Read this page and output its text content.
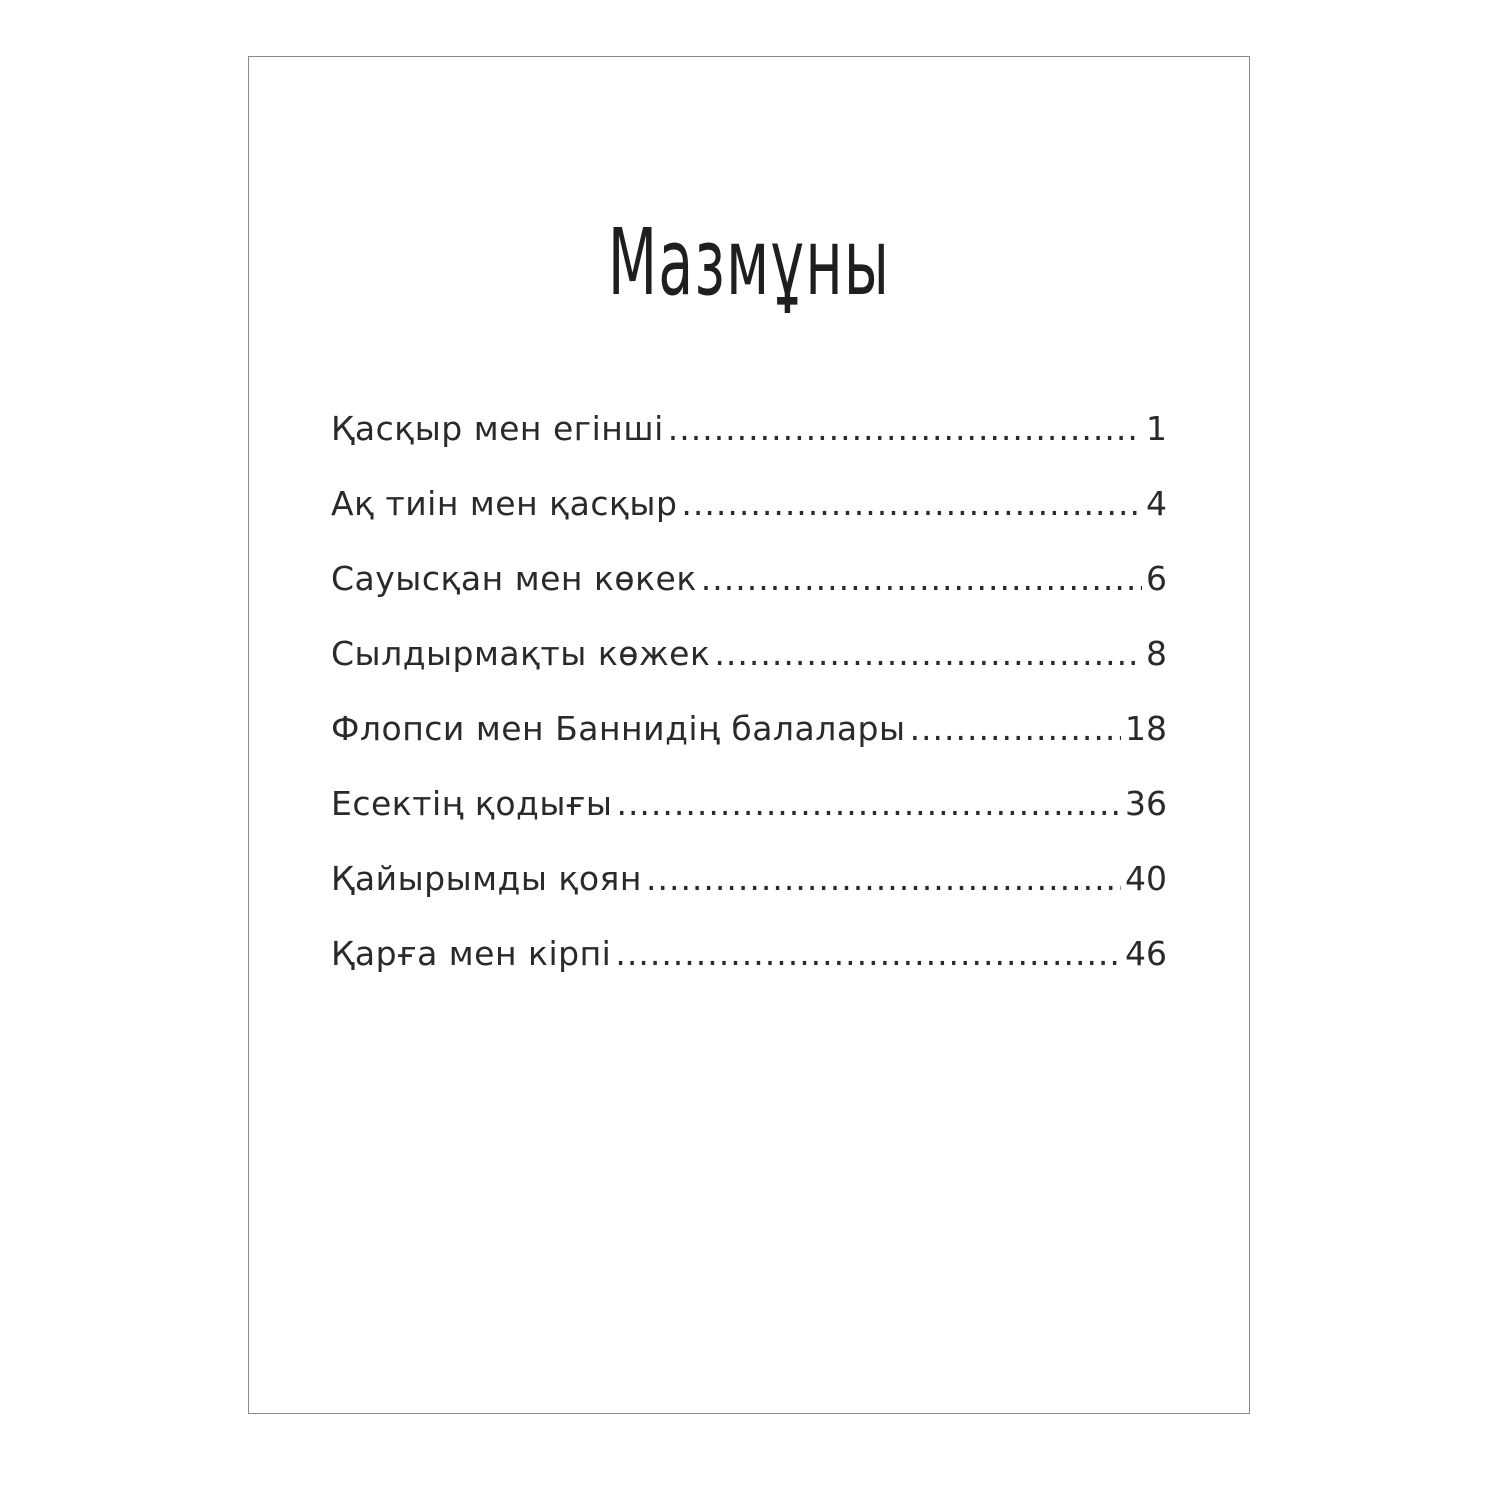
Мазмұны
Қасқыр мен егінші .....	1
Ақ тиін мен қасқыр .....	4
Сауысқан мен көкек .....	6
Сылдырмақты көжек .....	8
Флопси мен Баннидің балалары .....	18
Есектің қодығы .....	36
Қайырымды қоян .....	40
Қарға мен кірпі .....	46
